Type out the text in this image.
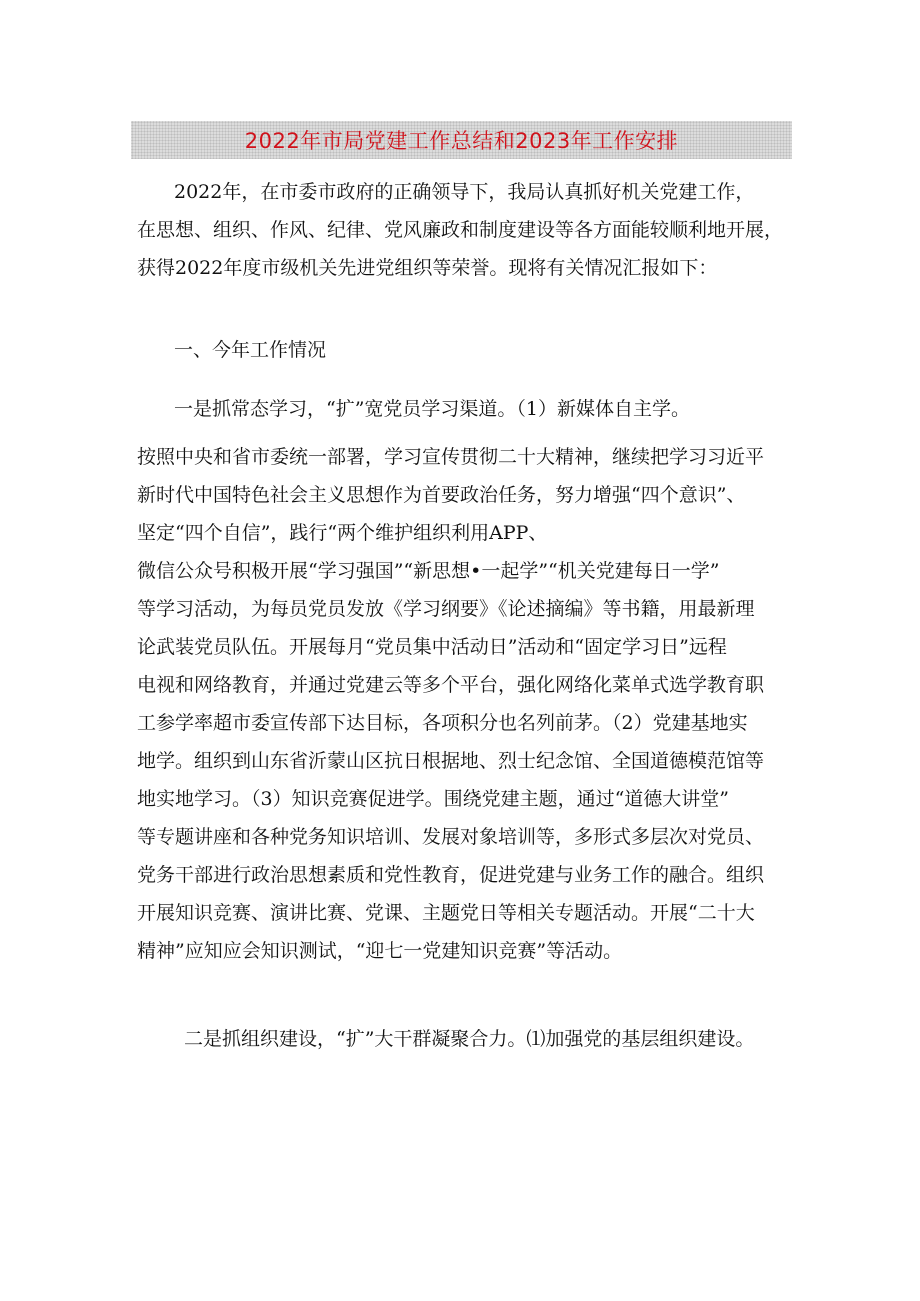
2022年市局党建工作总结和2023年工作安排
2022年，在市委市政府的正确领导下，我局认真抓好机关党建工作，
在思想、组织、作风、纪律、党风廉政和制度建设等各方面能较顺利地开展，
获得2022年度市级机关先进党组织等荣誉。现将有关情况汇报如下：
一、今年工作情况
一是抓常态学习，“扩”宽党员学习渠道。（1）新媒体自主学。
按照中央和省市委统一部署，学习宣传贯彻二十大精神，继续把学习习近平
新时代中国特色社会主义思想作为首要政治任务，努力增强“四个意识”、
坚定“四个自信”，践行“两个维护组织利用APP、
微信公众号积极开展“学习强国”“新思想•一起学”“机关党建每日一学”
等学习活动，为每员党员发放《学习纲要》《论述摘编》等书籍，用最新理
论武装党员队伍。开展每月“党员集中活动日”活动和“固定学习日”远程
电视和网络教育，并通过党建云等多个平台，强化网络化菜单式选学教育职
工参学率超市委宣传部下达目标，各项积分也名列前茅。（2）党建基地实
地学。组织到山东省沂蒙山区抗日根据地、烈士纪念馆、全国道德模范馆等
地实地学习。（3）知识竞赛促进学。围绕党建主题，通过“道德大讲堂”
等专题讲座和各种党务知识培训、发展对象培训等，多形式多层次对党员、
党务干部进行政治思想素质和党性教育，促进党建与业务工作的融合。组织
开展知识竞赛、演讲比赛、党课、主题党日等相关专题活动。开展“二十大
精神”应知应会知识测试，“迎七一党建知识竞赛”等活动。
二是抓组织建设，“扩”大干群凝聚合力。⑴加强党的基层组织建设。
